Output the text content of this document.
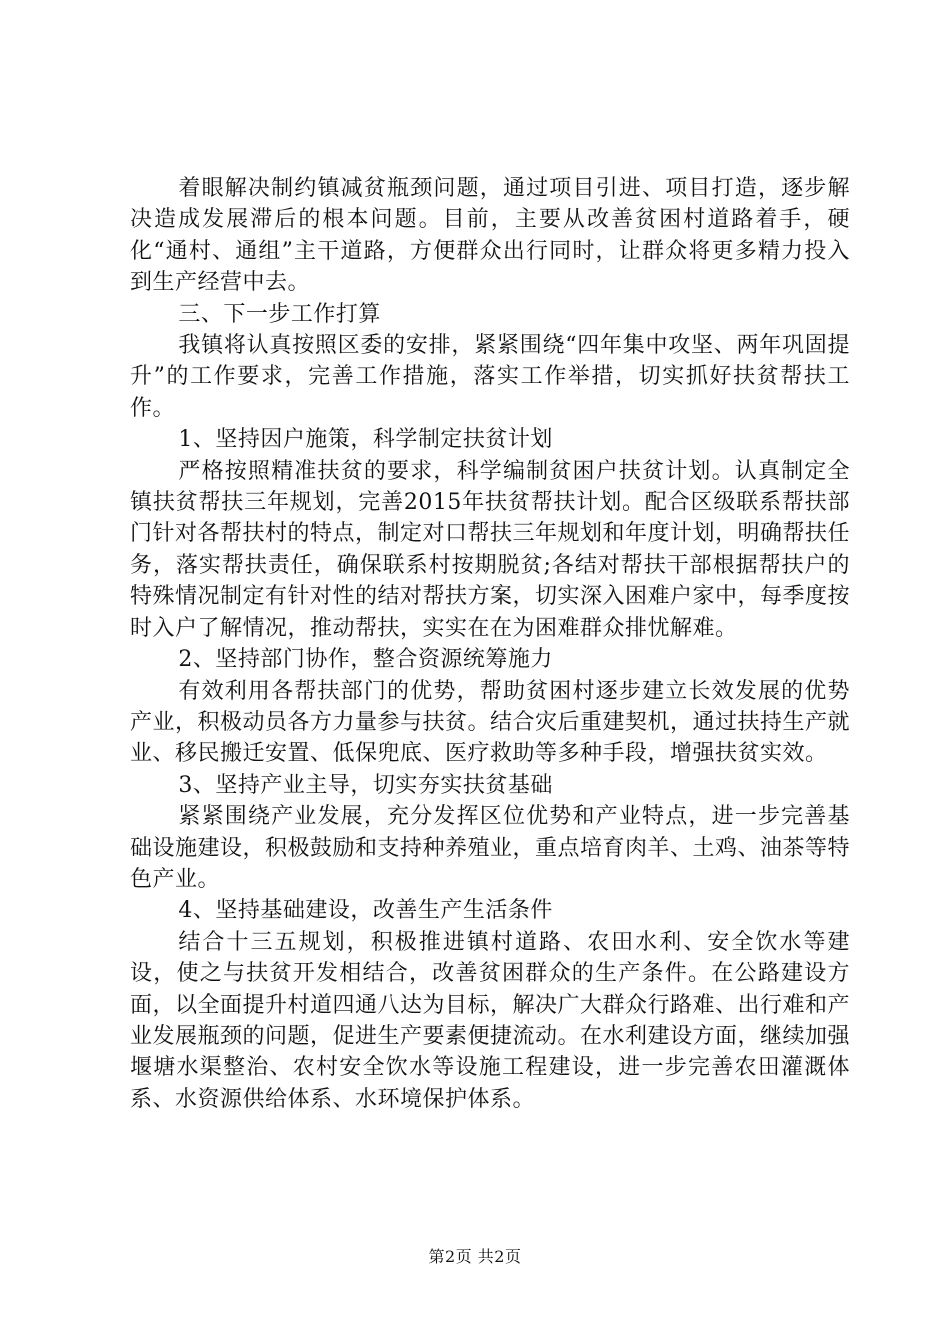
着眼解决制约镇减贫瓶颈问题，通过项目引进、项目打造，逐步解决造成发展滞后的根本问题。目前，主要从改善贫困村道路着手，硬化“通村、通组”主干道路，方便群众出行同时，让群众将更多精力投入到生产经营中去。

三、下一步工作打算

我镇将认真按照区委的安排，紧紧围绕“四年集中攻坚、两年巩固提升”的工作要求，完善工作措施，落实工作举措，切实抓好扶贫帮扶工作。

1、坚持因户施策，科学制定扶贫计划

严格按照精准扶贫的要求，科学编制贫困户扶贫计划。认真制定全镇扶贫帮扶三年规划，完善2015年扶贫帮扶计划。配合区级联系帮扶部门针对各帮扶村的特点，制定对口帮扶三年规划和年度计划，明确帮扶任务，落实帮扶责任，确保联系村按期脱贫;各结对帮扶干部根据帮扶户的特殊情况制定有针对性的结对帮扶方案，切实深入困难户家中，每季度按时入户了解情况，推动帮扶，实实在在为困难群众排忧解难。

2、坚持部门协作，整合资源统筹施力

有效利用各帮扶部门的优势，帮助贫困村逐步建立长效发展的优势产业，积极动员各方力量参与扶贫。结合灾后重建契机，通过扶持生产就业、移民搬迁安置、低保兜底、医疗救助等多种手段，增强扶贫实效。

3、坚持产业主导，切实夯实扶贫基础

紧紧围绕产业发展，充分发挥区位优势和产业特点，进一步完善基础设施建设，积极鼓励和支持种养殖业，重点培育肉羊、土鸡、油茶等特色产业。

4、坚持基础建设，改善生产生活条件

结合十三五规划，积极推进镇村道路、农田水利、安全饮水等建设，使之与扶贫开发相结合，改善贫困群众的生产条件。在公路建设方面，以全面提升村道四通八达为目标，解决广大群众行路难、出行难和产业发展瓶颈的问题，促进生产要素便捷流动。在水利建设方面，继续加强堰塘水渠整治、农村安全饮水等设施工程建设，进一步完善农田灌溉体系、水资源供给体系、水环境保护体系。

第2页 共2页
